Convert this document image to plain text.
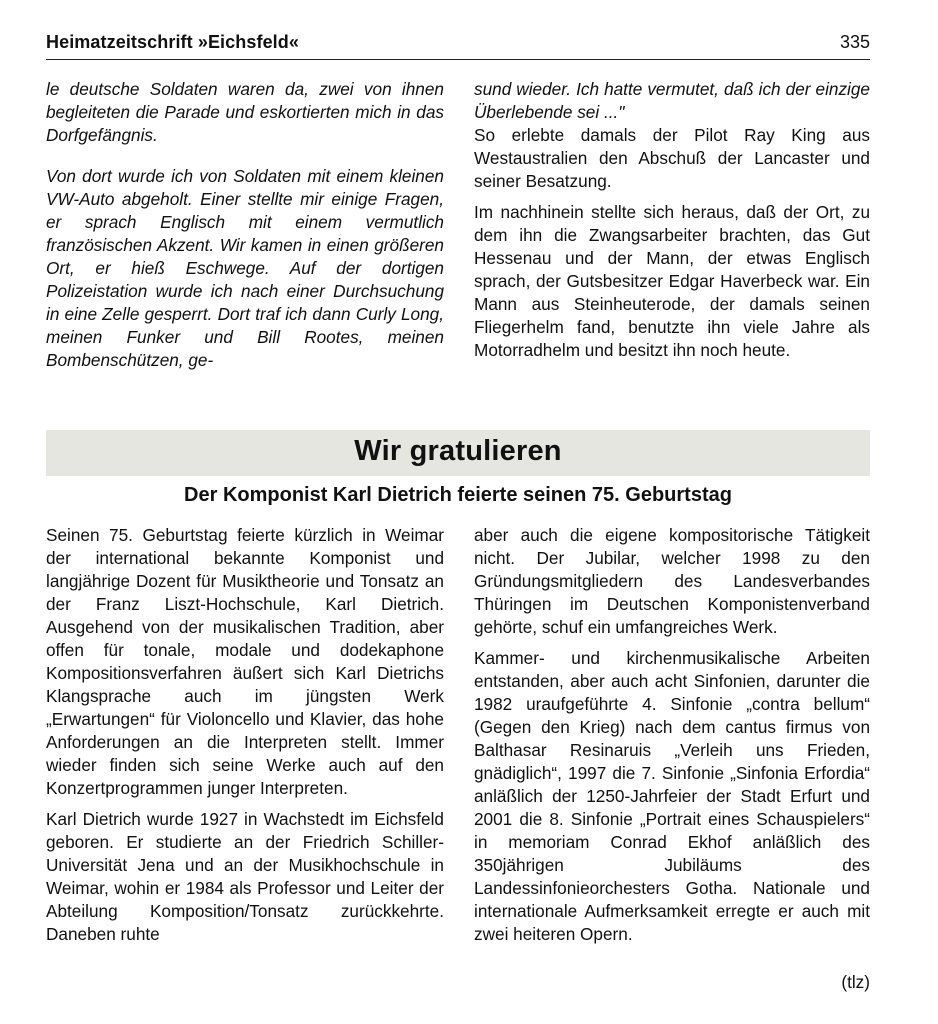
Heimatzeitschrift »Eichsfeld«	335

le deutsche Soldaten waren da, zwei von ihnen begleiteten die Parade und eskortierten mich in das Dorfgefängnis.

Von dort wurde ich von Soldaten mit einem kleinen VW-Auto abgeholt. Einer stellte mir einige Fragen, er sprach Englisch mit einem vermutlich französischen Akzent. Wir kamen in einen größeren Ort, er hieß Eschwege. Auf der dortigen Polizeistation wurde ich nach einer Durchsuchung in eine Zelle gesperrt. Dort traf ich dann Curly Long, meinen Funker und Bill Rootes, meinen Bombenschützen, ge-

sund wieder. Ich hatte vermutet, daß ich der einzige Überlebende sei ..."

So erlebte damals der Pilot Ray King aus Westaustralien den Abschuß der Lancaster und seiner Besatzung.

Im nachhinein stellte sich heraus, daß der Ort, zu dem ihn die Zwangsarbeiter brachten, das Gut Hessenau und der Mann, der etwas Englisch sprach, der Gutsbesitzer Edgar Haverbeck war. Ein Mann aus Steinheuterode, der damals seinen Fliegerhelm fand, benutzte ihn viele Jahre als Motorradhelm und besitzt ihn noch heute.

Wir gratulieren
Der Komponist Karl Dietrich feierte seinen 75. Geburtstag

Seinen 75. Geburtstag feierte kürzlich in Weimar der international bekannte Komponist und langjährige Dozent für Musiktheorie und Tonsatz an der Franz Liszt-Hochschule, Karl Dietrich. Ausgehend von der musikalischen Tradition, aber offen für tonale, modale und dodekaphone Kompositionsverfahren äußert sich Karl Dietrichs Klangsprache auch im jüngsten Werk „Erwartungen“ für Violoncello und Klavier, das hohe Anforderungen an die Interpreten stellt. Immer wieder finden sich seine Werke auch auf den Konzertprogrammen junger Interpreten.

Karl Dietrich wurde 1927 in Wachstedt im Eichsfeld geboren. Er studierte an der Friedrich Schiller-Universität Jena und an der Musikhochschule in Weimar, wohin er 1984 als Professor und Leiter der Abteilung Komposition/Tonsatz zurückkehrte. Daneben ruhte

aber auch die eigene kompositorische Tätigkeit nicht. Der Jubilar, welcher 1998 zu den Gründungsmitgliedern des Landesverbandes Thüringen im Deutschen Komponistenverband gehörte, schuf ein umfangreiches Werk.

Kammer- und kirchenmusikalische Arbeiten entstanden, aber auch acht Sinfonien, darunter die 1982 uraufgeführte 4. Sinfonie „contra bellum“ (Gegen den Krieg) nach dem cantus firmus von Balthasar Resinaruis „Verleih uns Frieden, gnädiglich“, 1997 die 7. Sinfonie „Sinfonia Erfordia“ anläßlich der 1250-Jahrfeier der Stadt Erfurt und 2001 die 8. Sinfonie „Portrait eines Schauspielers“ in memoriam Conrad Ekhof anläßlich des 350jährigen Jubiläums des Landessinfonieorchesters Gotha. Nationale und internationale Aufmerksamkeit erregte er auch mit zwei heiteren Opern.

(tlz)
